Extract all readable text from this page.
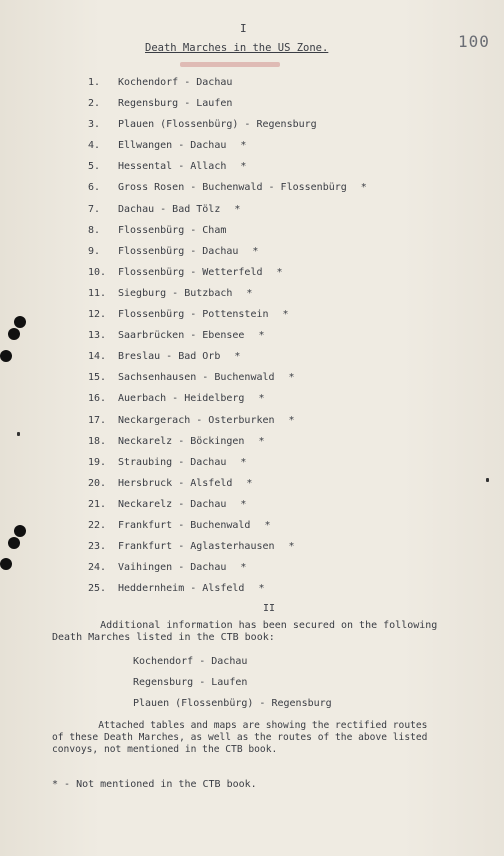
I
100
Death Marches in the US Zone.
1.	Kochendorf - Dachau
2.	Regensburg - Laufen
3.	Plauen (Flossenbürg) - Regensburg
4.	Ellwangen - Dachau *
5.	Hessental - Allach *
6.	Gross Rosen - Buchenwald - Flossenbürg *
7.	Dachau - Bad Tölz *
8.	Flossenbürg - Cham
9.	Flossenbürg - Dachau *
10.	Flossenbürg - Wetterfeld *
11.	Siegburg - Butzbach *
12.	Flossenbürg - Pottenstein *
13.	Saarbrücken - Ebensee *
14.	Breslau - Bad Orb *
15.	Sachsenhausen - Buchenwald *
16.	Auerbach - Heidelberg *
17.	Neckargerach - Osterburken *
18.	Neckarelz - Böckingen *
19.	Straubing - Dachau *
20.	Hersbruck - Alsfeld *
21.	Neckarelz - Dachau *
22.	Frankfurt - Buchenwald *
23.	Frankfurt - Aglasterhausen *
24.	Vaihingen - Dachau *
25.	Heddernheim - Alsfeld *
II
Additional information has been secured on the following
Death Marches listed in the CTB book:
Kochendorf - Dachau
Regensburg - Laufen
Plauen (Flossenbürg) - Regensburg
Attached tables and maps are showing the rectified routes
of these Death Marches, as well as the routes of the above listed
convoys, not mentioned in the CTB book.
* - Not mentioned in the CTB book.
